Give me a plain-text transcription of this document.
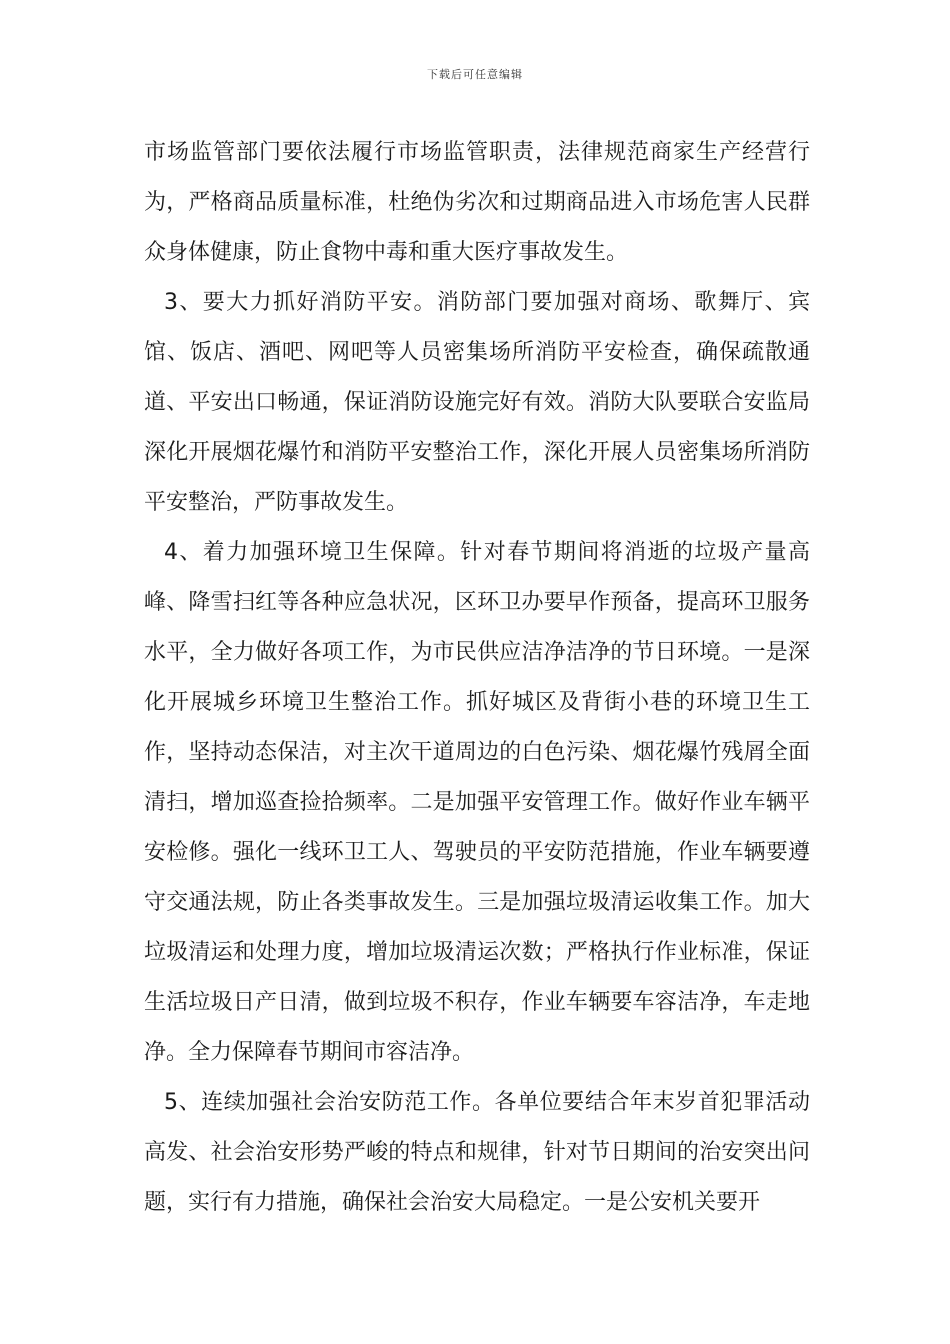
下载后可任意编辑

市场监管部门要依法履行市场监管职责，法律规范商家生产经营行为，严格商品质量标准，杜绝伪劣次和过期商品进入市场危害人民群众身体健康，防止食物中毒和重大医疗事故发生。

3、要大力抓好消防平安。消防部门要加强对商场、歌舞厅、宾馆、饭店、酒吧、网吧等人员密集场所消防平安检查，确保疏散通道、平安出口畅通，保证消防设施完好有效。消防大队要联合安监局深化开展烟花爆竹和消防平安整治工作，深化开展人员密集场所消防平安整治，严防事故发生。

4、着力加强环境卫生保障。针对春节期间将消逝的垃圾产量高峰、降雪扫红等各种应急状况，区环卫办要早作预备，提高环卫服务水平，全力做好各项工作，为市民供应洁净洁净的节日环境。一是深化开展城乡环境卫生整治工作。抓好城区及背街小巷的环境卫生工作，坚持动态保洁，对主次干道周边的白色污染、烟花爆竹残屑全面清扫，增加巡查捡拾频率。二是加强平安管理工作。做好作业车辆平安检修。强化一线环卫工人、驾驶员的平安防范措施，作业车辆要遵守交通法规，防止各类事故发生。三是加强垃圾清运收集工作。加大垃圾清运和处理力度，增加垃圾清运次数；严格执行作业标准，保证生活垃圾日产日清，做到垃圾不积存，作业车辆要车容洁净，车走地净。全力保障春节期间市容洁净。

5、连续加强社会治安防范工作。各单位要结合年末岁首犯罪活动高发、社会治安形势严峻的特点和规律，针对节日期间的治安突出问题，实行有力措施，确保社会治安大局稳定。一是公安机关要开
